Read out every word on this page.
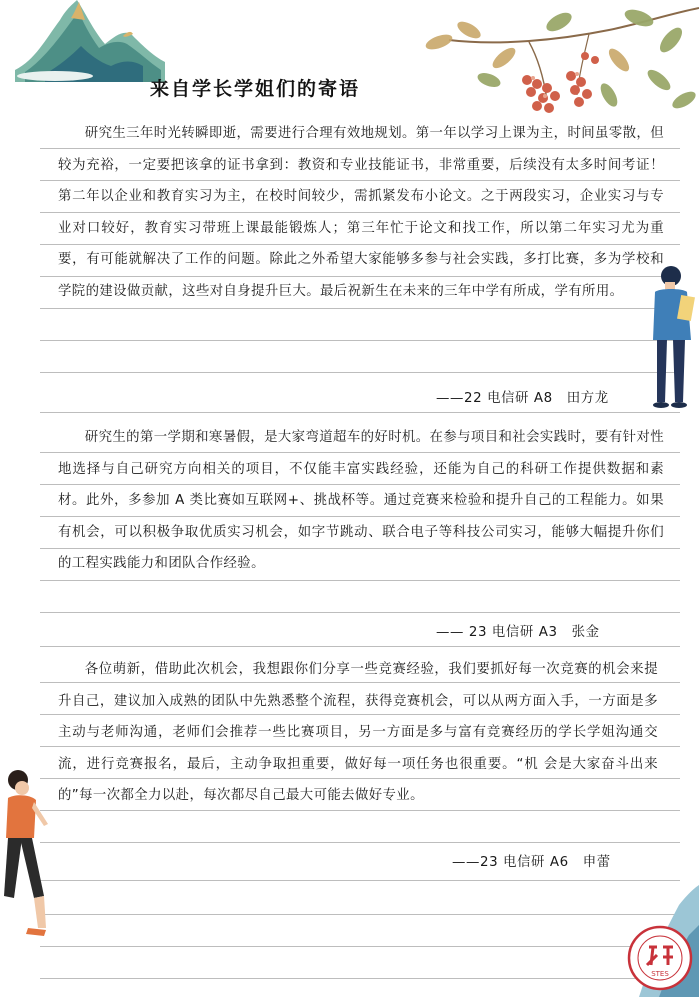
STES
来自学长学姐们的寄语

研究生三年时光转瞬即逝，需要进行合理有效地规划。第一年以学习上课为主，时间虽零散，但较为充裕，一定要把该拿的证书拿到：教资和专业技能证书，非常重要，后续没有太多时间考证！第二年以企业和教育实习为主，在校时间较少，需抓紧发布小论文。之于两段实习，企业实习与专业对口较好，教育实习带班上课最能锻炼人；第三年忙于论文和找工作，所以第二年实习尤为重要，有可能就解决了工作的问题。除此之外希望大家能够多参与社会实践，多打比赛，多为学校和学院的建设做贡献，这些对自身提升巨大。最后祝新生在未来的三年中学有所成，学有所用。

——22 电信研 A8　田方龙

研究生的第一学期和寒暑假，是大家弯道超车的好时机。在参与项目和社会实践时，要有针对性地选择与自己研究方向相关的项目，不仅能丰富实践经验，还能为自己的科研工作提供数据和素材。此外，多参加 A 类比赛如互联网+、挑战杯等。通过竞赛来检验和提升自己的工程能力。如果有机会，可以积极争取优质实习机会，如字节跳动、联合电子等科技公司实习，能够大幅提升你们的工程实践能力和团队合作经验。

—— 23 电信研 A3　张金

各位萌新，借助此次机会，我想跟你们分享一些竞赛经验，我们要抓好每一次竞赛的机会来提升自己，建议加入成熟的团队中先熟悉整个流程，获得竞赛机会，可以从两方面入手，一方面是多主动与老师沟通，老师们会推荐一些比赛项目，另一方面是多与富有竞赛经历的学长学姐沟通交流，进行竞赛报名，最后，主动争取担重要，做好每一项任务也很重要。“机 会是大家奋斗出来的”每一次都全力以赴，每次都尽自己最大可能去做好专业。

——23 电信研 A6　申蕾
